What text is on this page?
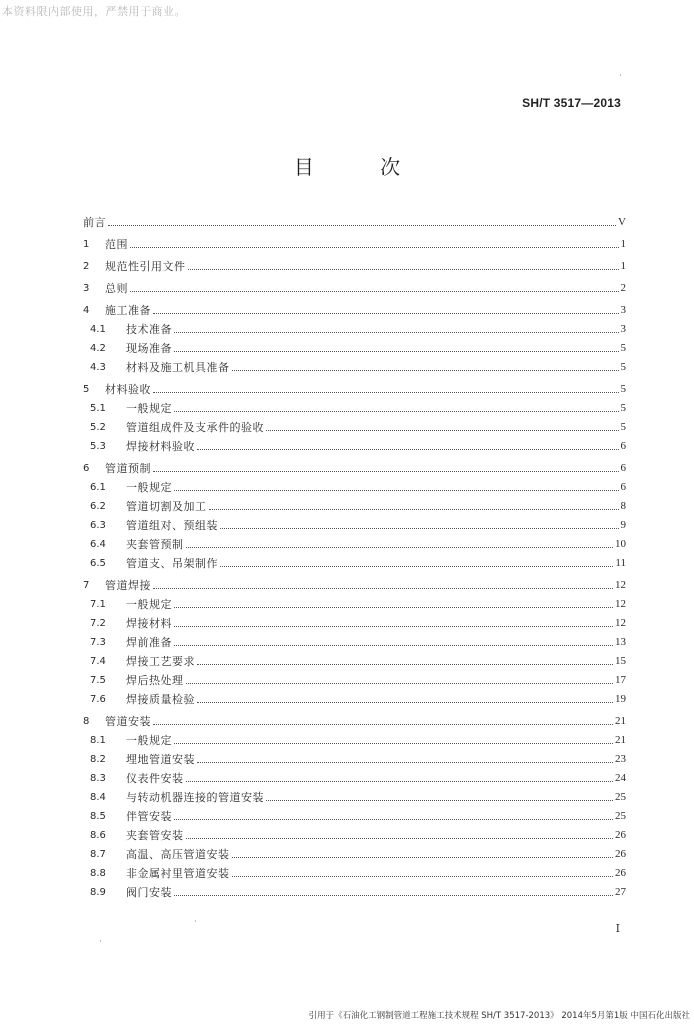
本资料限内部使用，严禁用于商业。
SH/T 3517—2013
目 次
前言	V
1	范围	1
2	规范性引用文件	1
3	总则	2
4	施工准备	3
4.1	技术准备	3
4.2	现场准备	5
4.3	材料及施工机具准备	5
5	材料验收	5
5.1	一般规定	5
5.2	管道组成件及支承件的验收	5
5.3	焊接材料验收	6
6	管道预制	6
6.1	一般规定	6
6.2	管道切割及加工	8
6.3	管道组对、预组装	9
6.4	夹套管预制	10
6.5	管道支、吊架制作	11
7	管道焊接	12
7.1	一般规定	12
7.2	焊接材料	12
7.3	焊前准备	13
7.4	焊接工艺要求	15
7.5	焊后热处理	17
7.6	焊接质量检验	19
8	管道安装	21
8.1	一般规定	21
8.2	埋地管道安装	23
8.3	仪表件安装	24
8.4	与转动机器连接的管道安装	25
8.5	伴管安装	25
8.6	夹套管安装	26
8.7	高温、高压管道安装	26
8.8	非金属衬里管道安装	26
8.9	阀门安装	27
I
引用于《石油化工钢制管道工程施工技术规程 SH/T 3517-2013》 2014年5月第1版 中国石化出版社
